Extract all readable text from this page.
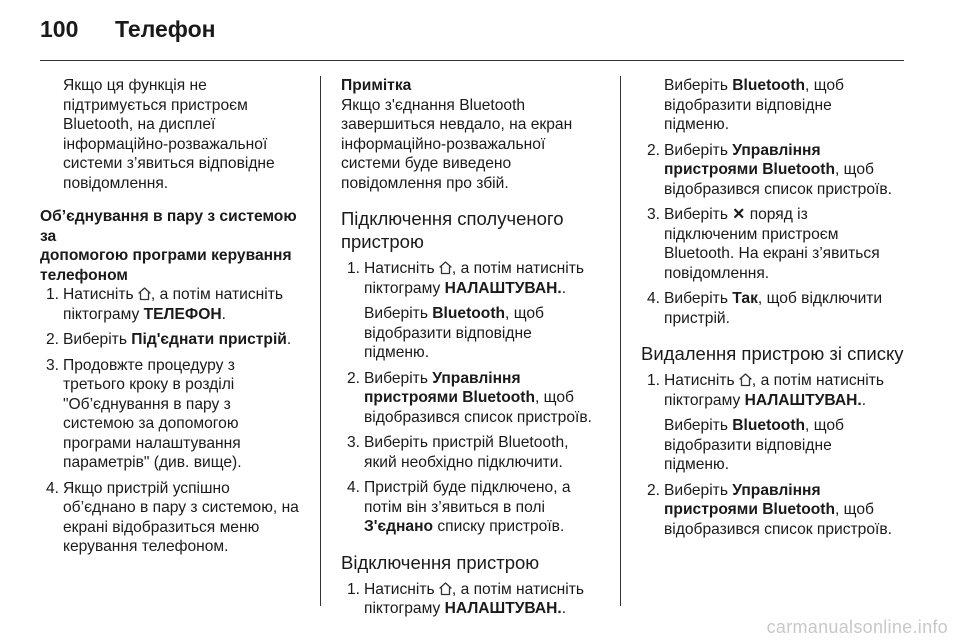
100 Телефон

Якщо ця функція не

підтримується пристроєм

Bluetooth, на дисплеї

інформаційно-розважальної

системи з’явиться відповідне

повідомлення.

Об’єднування в пару з системою за

допомогою програми керування

телефоном

1. Натисніть , а потім натисніть

піктограму ТЕЛЕФОН.

2. Виберіть Під'єднати пристрій.

3. Продовжте процедуру з

третього кроку в розділі

"Об’єднування в пару з

системою за допомогою

програми налаштування

параметрів" (див. вище).

4. Якщо пристрій успішно

об’єднано в пару з системою, на

екрані відобразиться меню

керування телефоном.

Примітка

Якщо з'єднання Bluetooth

завершиться невдало, на екран

інформаційно-розважальної

системи буде виведено

повідомлення про збій.

Підключення сполученого

пристрою

1. Натисніть , а потім натисніть

піктограму НАЛАШТУВАН..

Виберіть Bluetooth, щоб

відобразити відповідне

підменю.

2. Виберіть Управління

пристроями Bluetooth, щоб

відобразився список пристроїв.

3. Виберіть пристрій Bluetooth,

який необхідно підключити.

4. Пристрій буде підключено, а

потім він з’явиться в полі

З'єднано списку пристроїв.

Відключення пристрою
1. Натисніть , а потім натисніть

піктограму НАЛАШТУВАН..

Виберіть Bluetooth, щоб

відобразити відповідне

підменю.

2. Виберіть Управління

пристроями Bluetooth, щоб

відобразився список пристроїв.

3. Виберіть ✕ поряд із

підключеним пристроєм

Bluetooth. На екрані з’явиться

повідомлення.

4. Виберіть Так, щоб відключити

пристрій.

Видалення пристрою зі списку
1. Натисніть , а потім натисніть

піктограму НАЛАШТУВАН..

Виберіть Bluetooth, щоб

відобразити відповідне

підменю.

2. Виберіть Управління

пристроями Bluetooth, щоб

відобразився список пристроїв.

carmanualsonline.info
